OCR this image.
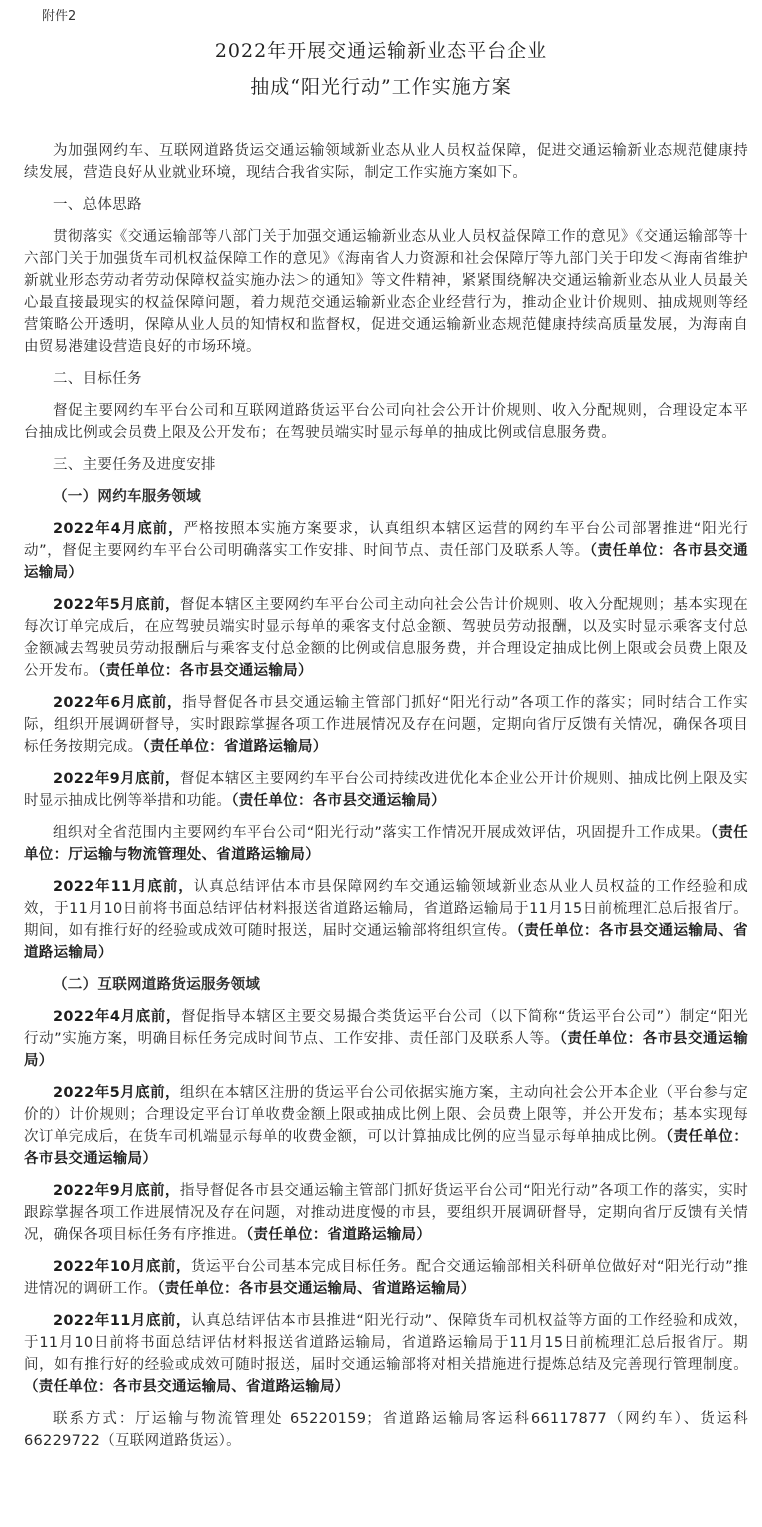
附件2
2022年开展交通运输新业态平台企业
抽成“阳光行动”工作实施方案

为加强网约车、互联网道路货运交通运输领域新业态从业人员权益保障，促进交通运输新业态规范健康持续发展，营造良好从业就业环境，现结合我省实际，制定工作实施方案如下。

一、总体思路

贯彻落实《交通运输部等八部门关于加强交通运输新业态从业人员权益保障工作的意见》《交通运输部等十六部门关于加强货车司机权益保障工作的意见》《海南省人力资源和社会保障厅等九部门关于印发＜海南省维护新就业形态劳动者劳动保障权益实施办法＞的通知》等文件精神，紧紧围绕解决交通运输新业态从业人员最关心最直接最现实的权益保障问题，着力规范交通运输新业态企业经营行为，推动企业计价规则、抽成规则等经营策略公开透明，保障从业人员的知情权和监督权，促进交通运输新业态规范健康持续高质量发展，为海南自由贸易港建设营造良好的市场环境。

二、目标任务

督促主要网约车平台公司和互联网道路货运平台公司向社会公开计价规则、收入分配规则，合理设定本平台抽成比例或会员费上限及公开发布；在驾驶员端实时显示每单的抽成比例或信息服务费。

三、主要任务及进度安排

（一）网约车服务领域

2022年4月底前，严格按照本实施方案要求，认真组织本辖区运营的网约车平台公司部署推进“阳光行动”，督促主要网约车平台公司明确落实工作安排、时间节点、责任部门及联系人等。（责任单位：各市县交通运输局）

2022年5月底前，督促本辖区主要网约车平台公司主动向社会公告计价规则、收入分配规则；基本实现在每次订单完成后，在应驾驶员端实时显示每单的乘客支付总金额、驾驶员劳动报酬，以及实时显示乘客支付总金额减去驾驶员劳动报酬后与乘客支付总金额的比例或信息服务费，并合理设定抽成比例上限或会员费上限及公开发布。（责任单位：各市县交通运输局）

2022年6月底前，指导督促各市县交通运输主管部门抓好“阳光行动”各项工作的落实；同时结合工作实际，组织开展调研督导，实时跟踪掌握各项工作进展情况及存在问题，定期向省厅反馈有关情况，确保各项目标任务按期完成。（责任单位：省道路运输局）

2022年9月底前，督促本辖区主要网约车平台公司持续改进优化本企业公开计价规则、抽成比例上限及实时显示抽成比例等举措和功能。（责任单位：各市县交通运输局）

组织对全省范围内主要网约车平台公司“阳光行动”落实工作情况开展成效评估，巩固提升工作成果。（责任单位：厅运输与物流管理处、省道路运输局）

2022年11月底前，认真总结评估本市县保障网约车交通运输领域新业态从业人员权益的工作经验和成效，于11月10日前将书面总结评估材料报送省道路运输局，省道路运输局于11月15日前梳理汇总后报省厅。期间，如有推行好的经验或成效可随时报送，届时交通运输部将组织宣传。（责任单位：各市县交通运输局、省道路运输局）

（二）互联网道路货运服务领域

2022年4月底前，督促指导本辖区主要交易撮合类货运平台公司（以下简称“货运平台公司”）制定“阳光行动”实施方案，明确目标任务完成时间节点、工作安排、责任部门及联系人等。（责任单位：各市县交通运输局）

2022年5月底前，组织在本辖区注册的货运平台公司依据实施方案，主动向社会公开本企业（平台参与定价的）计价规则；合理设定平台订单收费金额上限或抽成比例上限、会员费上限等，并公开发布；基本实现每次订单完成后，在货车司机端显示每单的收费金额，可以计算抽成比例的应当显示每单抽成比例。（责任单位：各市县交通运输局）

2022年9月底前，指导督促各市县交通运输主管部门抓好货运平台公司“阳光行动”各项工作的落实，实时跟踪掌握各项工作进展情况及存在问题，对推动进度慢的市县，要组织开展调研督导，定期向省厅反馈有关情况，确保各项目标任务有序推进。（责任单位：省道路运输局）

2022年10月底前，货运平台公司基本完成目标任务。配合交通运输部相关科研单位做好对“阳光行动”推进情况的调研工作。（责任单位：各市县交通运输局、省道路运输局）

2022年11月底前，认真总结评估本市县推进“阳光行动”、保障货车司机权益等方面的工作经验和成效，于11月10日前将书面总结评估材料报送省道路运输局，省道路运输局于11月15日前梳理汇总后报省厅。期间，如有推行好的经验或成效可随时报送，届时交通运输部将对相关措施进行提炼总结及完善现行管理制度。（责任单位：各市县交通运输局、省道路运输局）

联系方式：厅运输与物流管理处 65220159；省道路运输局客运科66117877（网约车）、货运科66229722（互联网道路货运）。
